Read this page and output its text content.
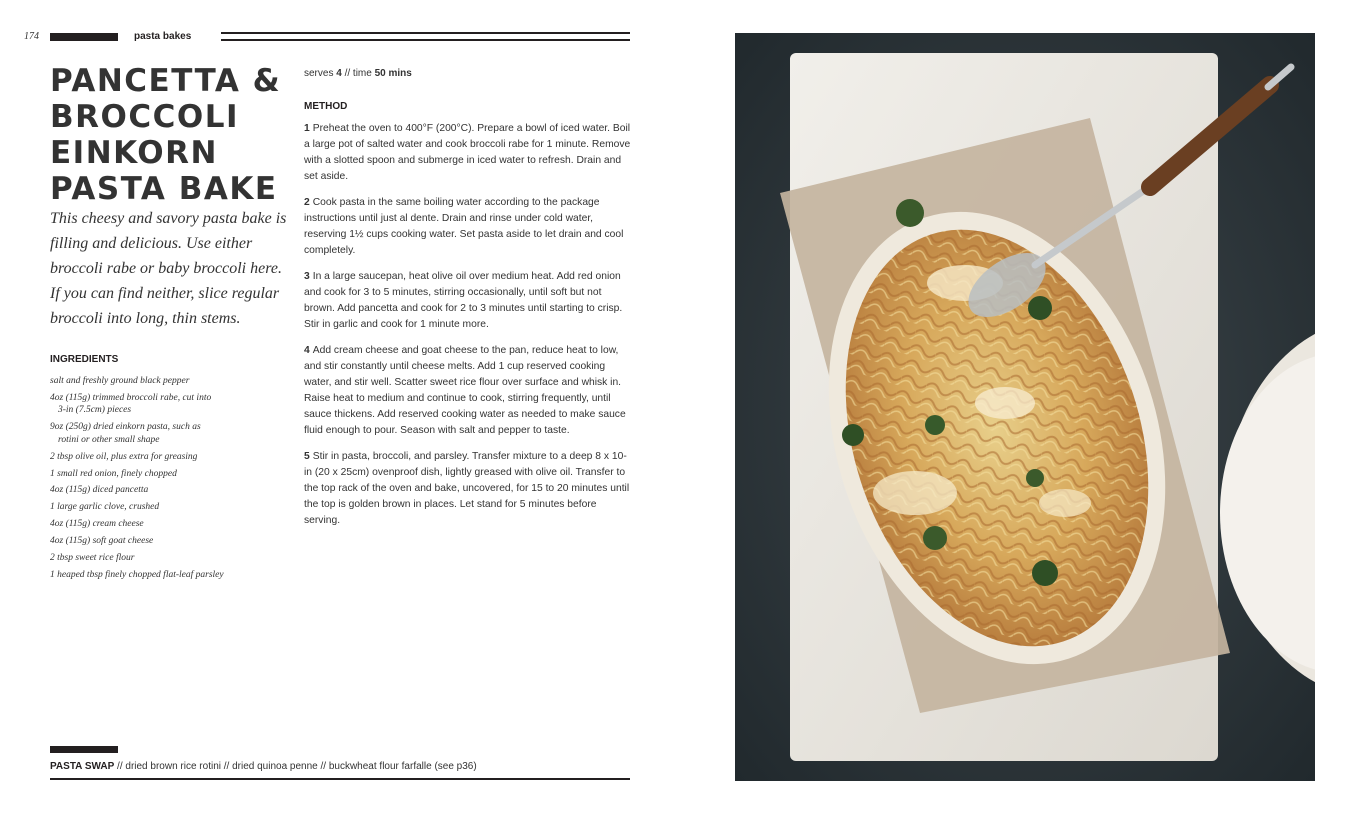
174	pasta bakes
PANCETTA & BROCCOLI EINKORN PASTA BAKE

This cheesy and savory pasta bake is filling and delicious. Use either broccoli rabe or baby broccoli here. If you can find neither, slice regular broccoli into long, thin stems.

INGREDIENTS
salt and freshly ground black pepper
4oz (115g) trimmed broccoli rabe, cut into
3-in (7.5cm) pieces
9oz (250g) dried einkorn pasta, such as
rotini or other small shape
2 tbsp olive oil, plus extra for greasing
1 small red onion, finely chopped
4oz (115g) diced pancetta
1 large garlic clove, crushed
4oz (115g) cream cheese
4oz (115g) soft goat cheese
2 tbsp sweet rice flour
1 heaped tbsp finely chopped flat-leaf parsley
serves 4 // time 50 mins
METHOD
1 Preheat the oven to 400°F (200°C). Prepare a bowl of iced water. Boil a large pot of salted water and cook broccoli rabe for 1 minute. Remove with a slotted spoon and submerge in iced water to refresh. Drain and set aside.
2 Cook pasta in the same boiling water according to the package instructions until just al dente. Drain and rinse under cold water, reserving 1½ cups cooking water. Set pasta aside to let drain and cool completely.
3 In a large saucepan, heat olive oil over medium heat. Add red onion and cook for 3 to 5 minutes, stirring occasionally, until soft but not brown. Add pancetta and cook for 2 to 3 minutes until starting to crisp. Stir in garlic and cook for 1 minute more.
4 Add cream cheese and goat cheese to the pan, reduce heat to low, and stir constantly until cheese melts. Add 1 cup reserved cooking water, and stir well. Scatter sweet rice flour over surface and whisk in. Raise heat to medium and continue to cook, stirring frequently, until sauce thickens. Add reserved cooking water as needed to make sauce fluid enough to pour. Season with salt and pepper to taste.
5 Stir in pasta, broccoli, and parsley. Transfer mixture to a deep 8 x 10-in (20 x 25cm) ovenproof dish, lightly greased with olive oil. Transfer to the top rack of the oven and bake, uncovered, for 15 to 20 minutes until the top is golden brown in places. Let stand for 5 minutes before serving.
PASTA SWAP // dried brown rice rotini // dried quinoa penne // buckwheat flour farfalle (see p36)
